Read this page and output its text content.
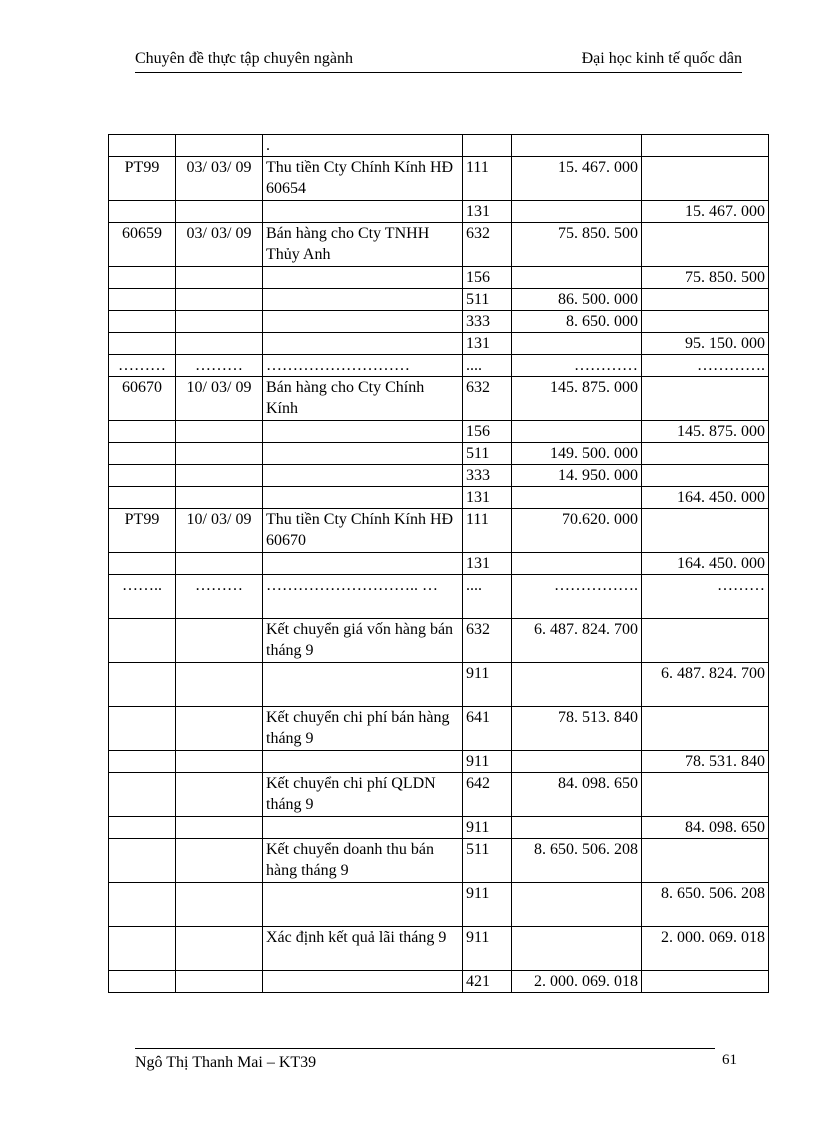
Chuyên đề thực tập chuyên ngành	Đại học kinh tế quốc dân
		.			
PT99	03/ 03/ 09	Thu tiền Cty Chính Kính HĐ 60654	111	15. 467. 000	
			131		15. 467. 000
60659	03/ 03/ 09	Bán hàng cho Cty TNHH Thủy Anh	632	75. 850. 500	
			156		75. 850. 500
			511	86. 500. 000	
			333	8. 650. 000	
			131		95. 150. 000
………	………	………………………	....	…………	………….
60670	10/ 03/ 09	Bán hàng cho Cty Chính Kính	632	145. 875. 000	
			156		145. 875. 000
			511	149. 500. 000	
			333	14. 950. 000	
			131		164. 450. 000
PT99	10/ 03/ 09	Thu tiền Cty Chính Kính HĐ 60670	111	70.620. 000	
			131		164. 450. 000
……..	………	……………………….. …	....	…………….	………
		Kết chuyển giá vốn hàng bán tháng 9	632	6. 487. 824. 700	
			911		6. 487. 824. 700
		Kết chuyển chi phí bán hàng tháng 9	641	78. 513. 840	
			911		78. 531. 840
		Kết chuyển chi phí QLDN tháng 9	642	84. 098. 650	
			911		84. 098. 650
		Kết chuyển doanh thu bán hàng tháng 9	511	8. 650. 506. 208	
			911		8. 650. 506. 208
		Xác định kết quả lãi tháng 9	911		2. 000. 069. 018
			421	2. 000. 069. 018	
Ngô Thị Thanh Mai – KT39	61
